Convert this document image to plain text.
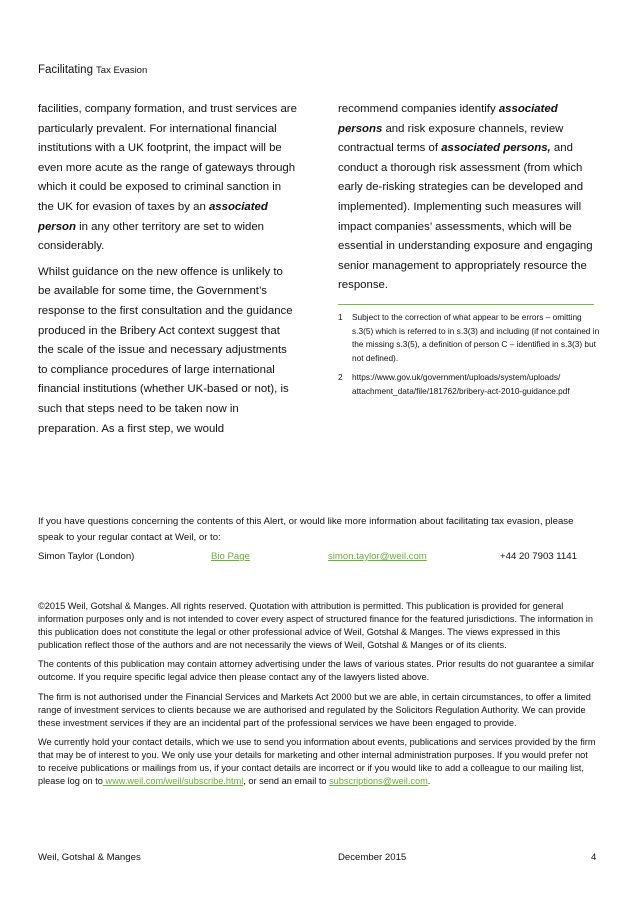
Facilitating Tax Evasion

facilities, company formation, and trust services are particularly prevalent. For international financial institutions with a UK footprint, the impact will be even more acute as the range of gateways through which it could be exposed to criminal sanction in the UK for evasion of taxes by an associated person in any other territory are set to widen considerably.

Whilst guidance on the new offence is unlikely to be available for some time, the Government’s response to the first consultation and the guidance produced in the Bribery Act context suggest that the scale of the issue and necessary adjustments to compliance procedures of large international financial institutions (whether UK-based or not), is such that steps need to be taken now in preparation. As a first step, we would

recommend companies identify associated persons and risk exposure channels, review contractual terms of associated persons, and conduct a thorough risk assessment (from which early de-risking strategies can be developed and implemented). Implementing such measures will impact companies’ assessments, which will be essential in understanding exposure and engaging senior management to appropriately resource the response.

1	Subject to the correction of what appear to be errors – omitting s.3(5) which is referred to in s.3(3) and including (if not contained in the missing s.3(5), a definition of person C – identified in s.3(3) but not defined).
2	https://www.gov.uk/government/uploads/system/uploads/ attachment_data/file/181762/bribery-act-2010-guidance.pdf
If you have questions concerning the contents of this Alert, or would like more information about facilitating tax evasion, please speak to your regular contact at Weil, or to:
Simon Taylor (London)	Bio Page	simon.taylor@weil.com	+44 20 7903 1141

©2015 Weil, Gotshal & Manges. All rights reserved. Quotation with attribution is permitted. This publication is provided for general information purposes only and is not intended to cover every aspect of structured finance for the featured jurisdictions. The information in this publication does not constitute the legal or other professional advice of Weil, Gotshal & Manges. The views expressed in this publication reflect those of the authors and are not necessarily the views of Weil, Gotshal & Manges or of its clients.

The contents of this publication may contain attorney advertising under the laws of various states. Prior results do not guarantee a similar outcome. If you require specific legal advice then please contact any of the lawyers listed above.

The firm is not authorised under the Financial Services and Markets Act 2000 but we are able, in certain circumstances, to offer a limited range of investment services to clients because we are authorised and regulated by the Solicitors Regulation Authority. We can provide these investment services if they are an incidental part of the professional services we have been engaged to provide.

We currently hold your contact details, which we use to send you information about events, publications and services provided by the firm that may be of interest to you. We only use your details for marketing and other internal administration purposes. If you would prefer not to receive publications or mailings from us, if your contact details are incorrect or if you would like to add a colleague to our mailing list, please log on to www.weil.com/weil/subscribe.html, or send an email to subscriptions@weil.com.

Weil, Gotshal & Manges	December 2015	4
